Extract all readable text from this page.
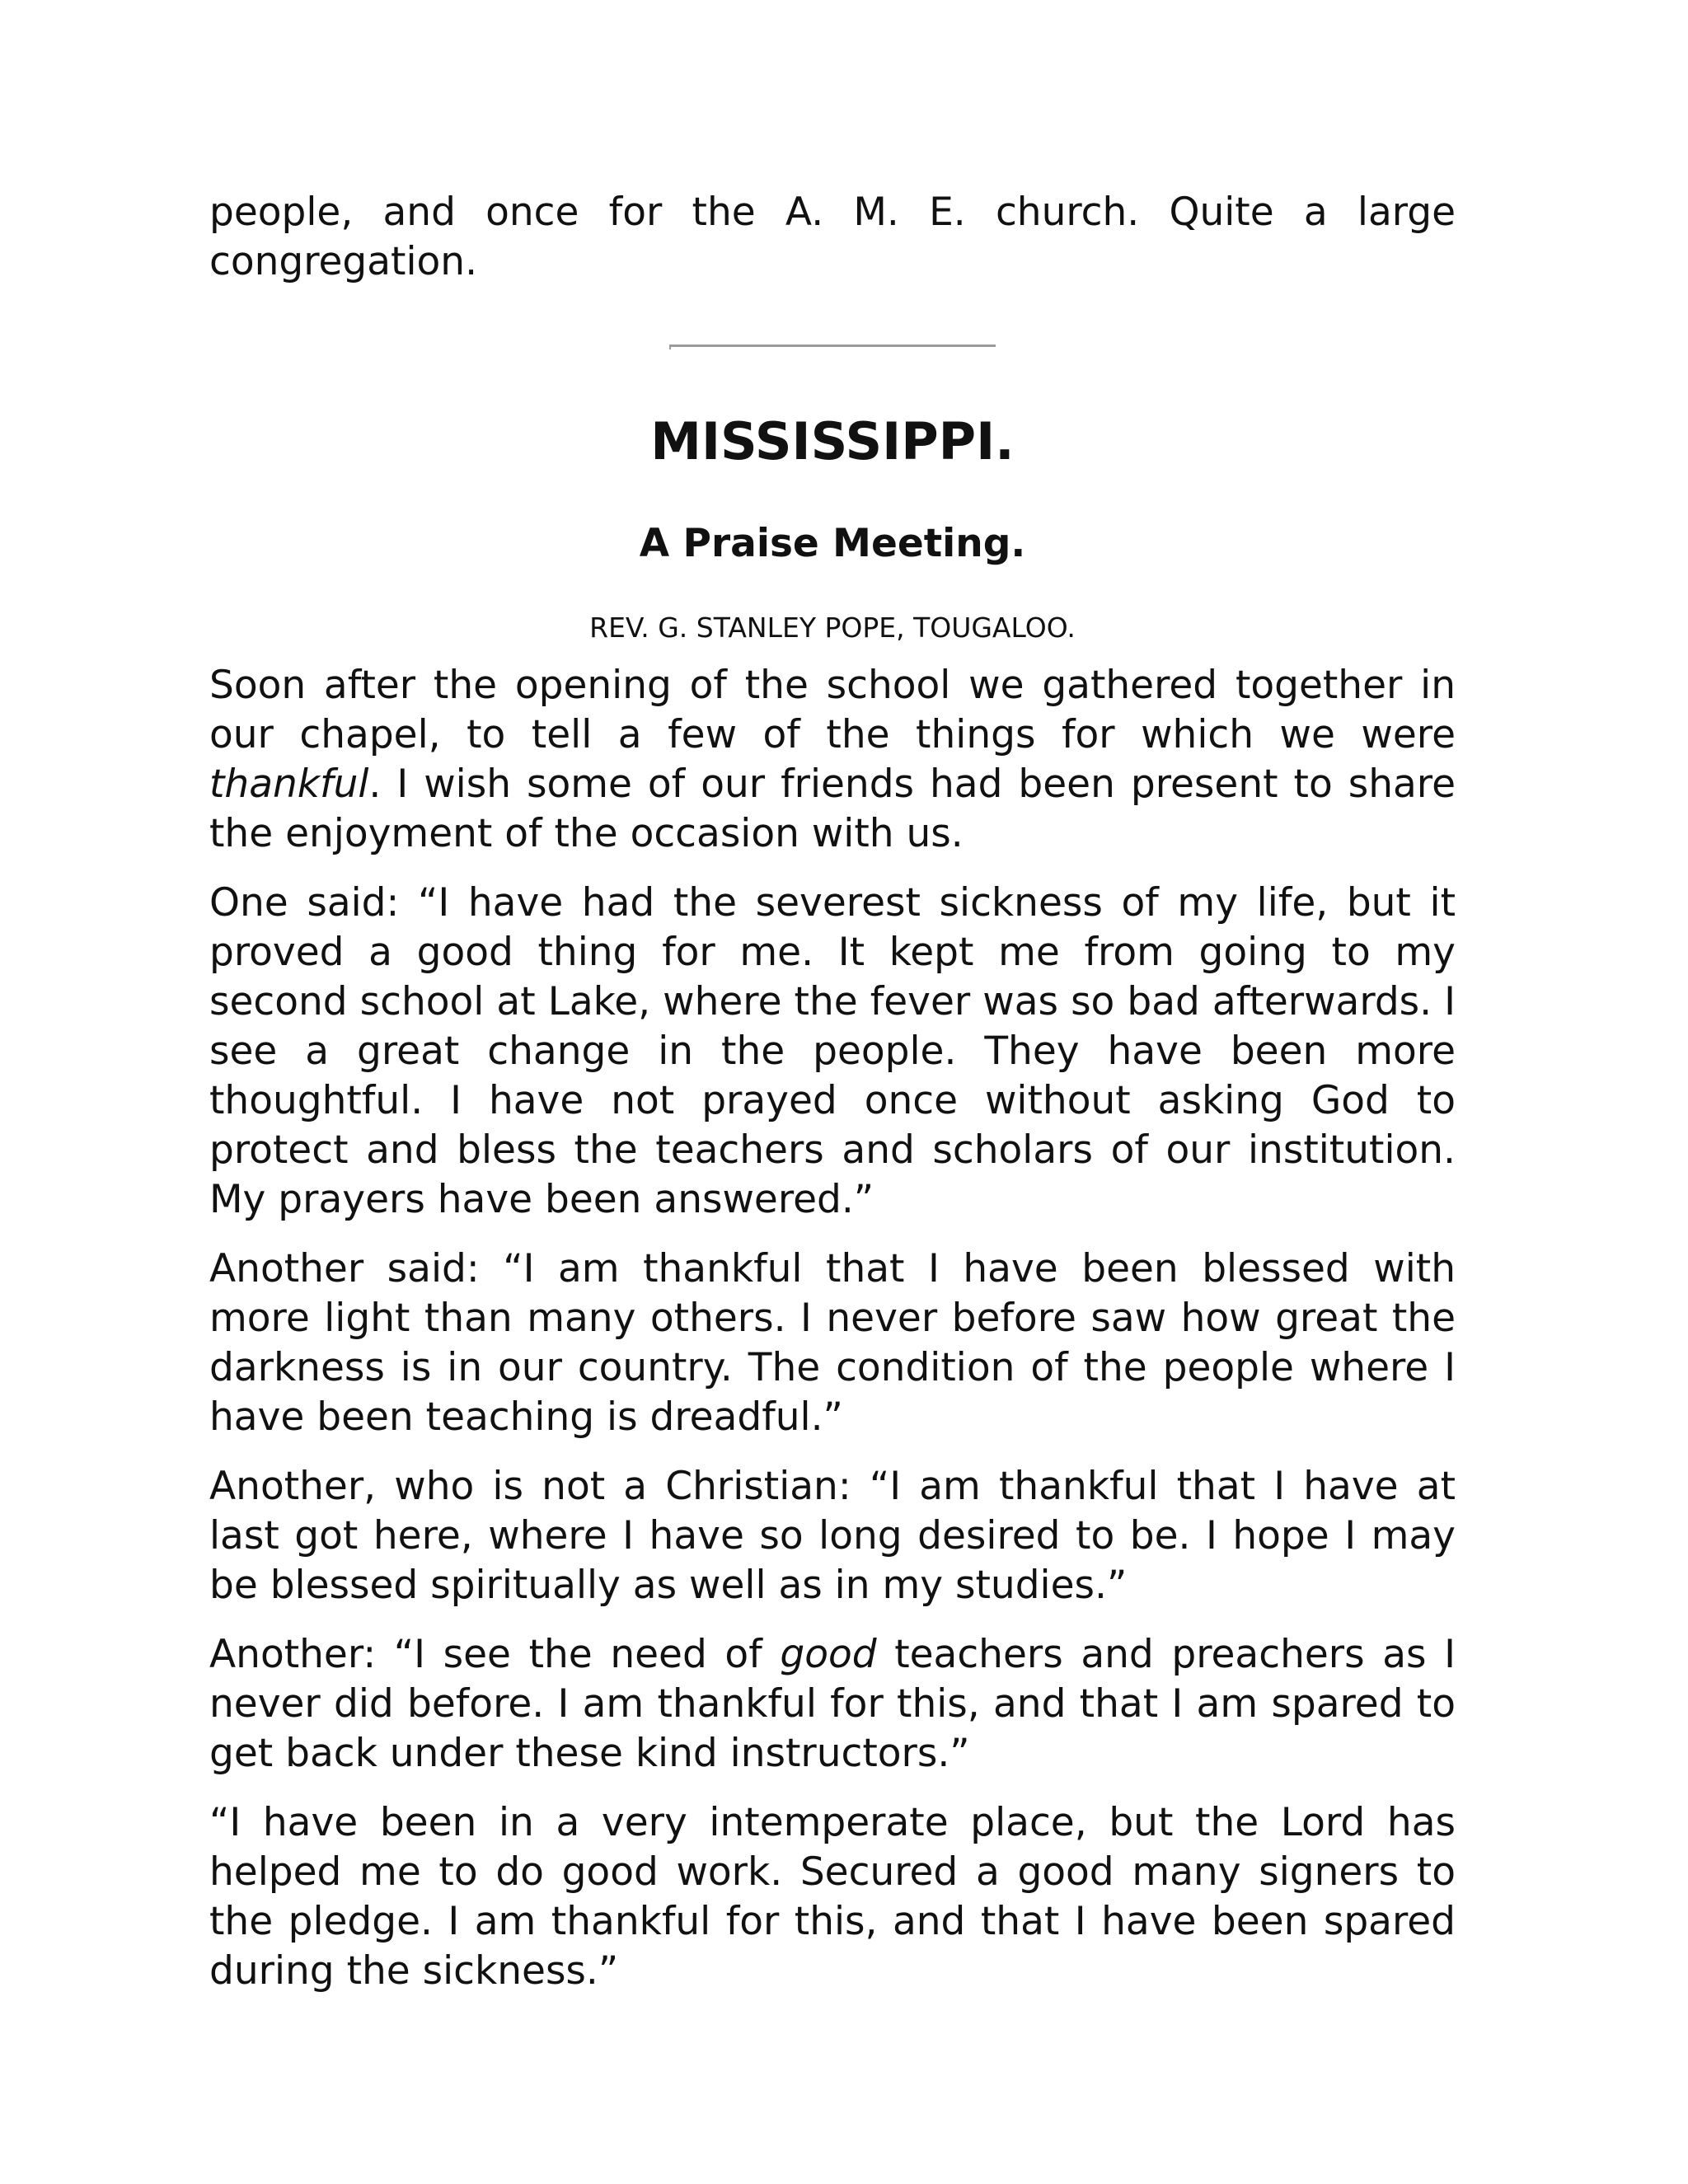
people, and once for the A. M. E. church. Quite a large congregation.

MISSISSIPPI.
A Praise Meeting.
REV. G. STANLEY POPE, TOUGALOO.

Soon after the opening of the school we gathered together in our chapel, to tell a few of the things for which we were thankful. I wish some of our friends had been present to share the enjoyment of the occasion with us.

One said: “I have had the severest sickness of my life, but it proved a good thing for me. It kept me from going to my second school at Lake, where the fever was so bad afterwards. I see a great change in the people. They have been more thoughtful. I have not prayed once without asking God to protect and bless the teachers and scholars of our institution. My prayers have been answered.”

Another said: “I am thankful that I have been blessed with more light than many others. I never before saw how great the darkness is in our country. The condition of the people where I have been teaching is dreadful.”

Another, who is not a Christian: “I am thankful that I have at last got here, where I have so long desired to be. I hope I may be blessed spiritually as well as in my studies.”

Another: “I see the need of good teachers and preachers as I never did before. I am thankful for this, and that I am spared to get back under these kind instructors.”

“I have been in a very intemperate place, but the Lord has helped me to do good work. Secured a good many signers to the pledge. I am thankful for this, and that I have been spared during the sickness.”
